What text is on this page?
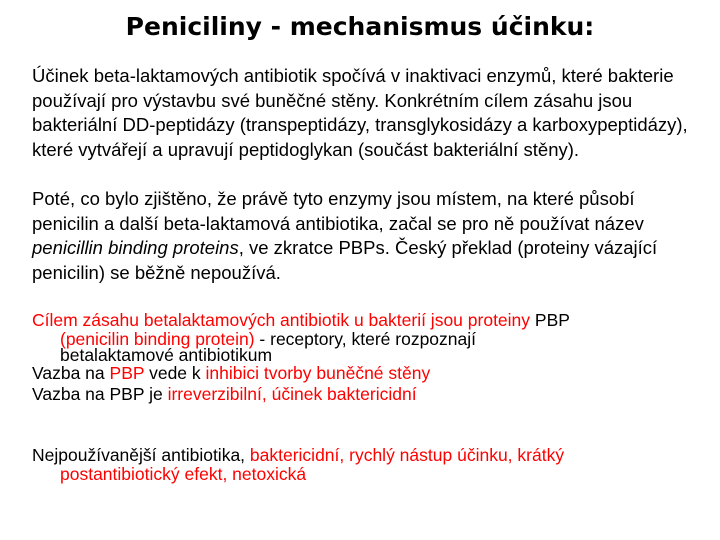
Peniciliny - mechanismus účinku:

Účinek beta-laktamových antibiotik spočívá v inaktivaci enzymů, které bakterie používají pro výstavbu své buněčné stěny. Konkrétním cílem zásahu jsou bakteriální DD-peptidázy (transpeptidázy, transglykosidázy a karboxypeptidázy), které vytvářejí a upravují peptidoglykan (součást bakteriální stěny).

Poté, co bylo zjištěno, že právě tyto enzymy jsou místem, na které působí penicilin a další beta-laktamová antibiotika, začal se pro ně používat název penicillin binding proteins, ve zkratce PBPs. Český překlad (proteiny vázající penicilin) se běžně nepoužívá.

Cílem zásahu betalaktamových antibiotik u bakterií jsou proteiny PBP
(penicilin binding protein) - receptory, které rozpoznají
betalaktamové antibiotikum
Vazba na PBP vede k inhibici tvorby buněčné stěny
Vazba na PBP je irreverzibilní, účinek baktericidní
Nejpoužívanější antibiotika, baktericidní, rychlý nástup účinku, krátký
postantibiotický efekt, netoxická
